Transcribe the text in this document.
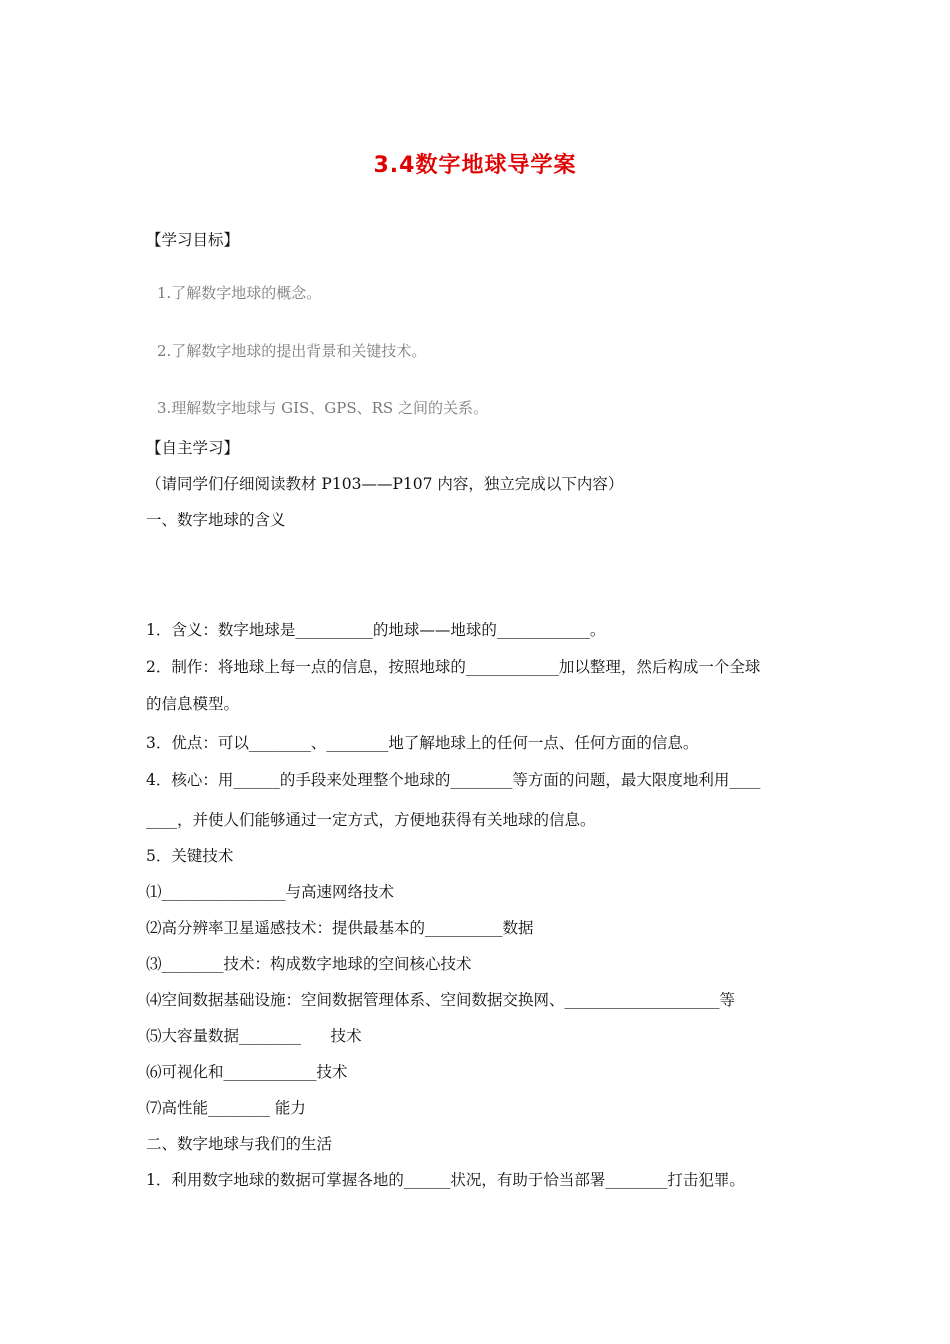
3.4数字地球导学案
【学习目标】
1.了解数字地球的概念。
2.了解数字地球的提出背景和关键技术。
3.理解数字地球与 GIS、GPS、RS 之间的关系。
【自主学习】
（请同学们仔细阅读教材 P103——P107 内容，独立完成以下内容）
一、数字地球的含义
1．含义：数字地球是__________的地球——地球的____________。
2．制作：将地球上每一点的信息，按照地球的____________加以整理，然后构成一个全球
的信息模型。
3．优点：可以________、________地了解地球上的任何一点、任何方面的信息。
4．核心：用______的手段来处理整个地球的________等方面的问题，最大限度地利用____
____，并使人们能够通过一定方式，方便地获得有关地球的信息。
5．关键技术
⑴________________与高速网络技术
⑵高分辨率卫星遥感技术：提供最基本的__________数据
⑶________技术：构成数字地球的空间核心技术
⑷空间数据基础设施：空间数据管理体系、空间数据交换网、____________________等
⑸大容量数据________      技术
⑹可视化和____________技术
⑺高性能________ 能力
二、数字地球与我们的生活
1．利用数字地球的数据可掌握各地的______状况，有助于恰当部署________打击犯罪。
